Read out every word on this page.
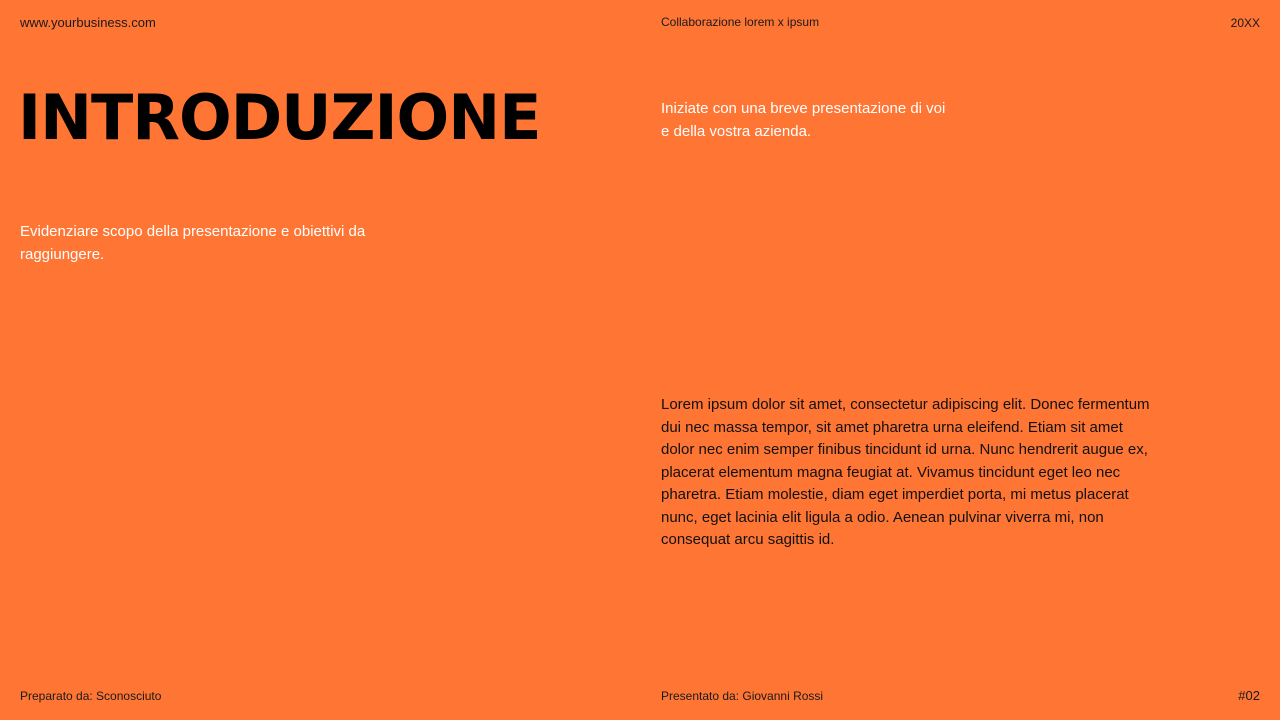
www.yourbusiness.com	Collaborazione lorem x ipsum	20XX
INTRODUZIONE
Evidenziare scopo della presentazione e obiettivi da raggiungere.
Iniziate con una breve presentazione di voi e della vostra azienda.
Lorem ipsum dolor sit amet, consectetur adipiscing elit. Donec fermentum dui nec massa tempor, sit amet pharetra urna eleifend. Etiam sit amet dolor nec enim semper finibus tincidunt id urna. Nunc hendrerit augue ex, placerat elementum magna feugiat at. Vivamus tincidunt eget leo nec pharetra. Etiam molestie, diam eget imperdiet porta, mi metus placerat nunc, eget lacinia elit ligula a odio. Aenean pulvinar viverra mi, non consequat arcu sagittis id.
Preparato da: Sconosciuto	Presentato da: Giovanni Rossi	#02
